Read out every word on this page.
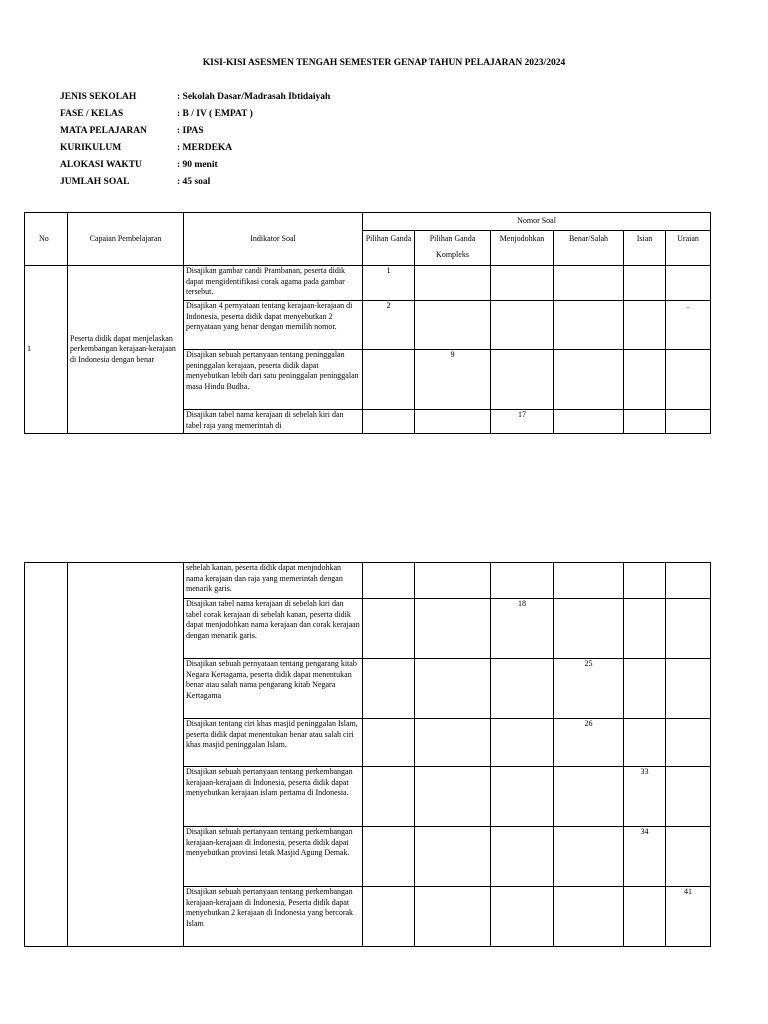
KISI-KISI ASESMEN TENGAH SEMESTER GENAP TAHUN PELAJARAN 2023/2024
JENIS SEKOLAH	: Sekolah Dasar/Madrasah Ibtidaiyah
FASE / KELAS	: B / IV ( EMPAT )
MATA PELAJARAN	: IPAS
KURIKULUM	: MERDEKA
ALOKASI WAKTU	: 90 menit
JUMLAH SOAL	: 45 soal
No	Capaian Pembelajaran	Indikator Soal	Nomor Soal					
			Pilihan Ganda	Pilihan Ganda Kompleks	Menjodohkan	Benar/Salah	Isian	Uraian
1	Peserta didik dapat menjelaskan perkembangan kerajaan-kerajaan di Indonesia dengan benar	Disajikan gambar candi Prambanan, peserta didik dapat mengidentifikasi corak agama pada gambar tersebut.	1					
		Disajikan 4 pernyataan tentang kerajaan-kerajaan di Indonesia, peserta didik dapat menyebutkan 2 pernyataan yang benar dengan memilih nomor.	2					.
		Disajikan sebuah pertanyaan tentang peninggalan peninggalan kerajaan, peserta didik dapat menyebutkan lebih dari satu peninggalan peninggalan masa Hindu Budha.		9				
		Disajikan tabel nama kerajaan di sebelah kiri dan tabel raja yang memerintah di			17			
		sebelah kanan, peserta didik dapat menjodohkan nama kerajaan dan raja yang memerintah dengan menarik garis.						
		Disajikan tabel nama kerajaan di sebelah kiri dan tabel corak kerajaan di sebelah kanan, peserta didik dapat menjodohkan nama kerajaan dan corak kerajaan dengan menarik garis.			18			
		Disajikan sebuah pernyataan tentang pengarang kitab Negara Kertagama, peserta didik dapat menentukan benar atau salah nama pengarang kitab Negara Kertagama				25		
		Disajikan tentang ciri khas masjid peninggalan Islam, peserta didik dapat menentukan benar atau salah ciri khas masjid peninggalan Islam.				26		
		Disajikan sebuah pertanyaan tentang perkembangan kerajaan-kerajaan di Indonesia, peserta didik dapat menyebutkan kerajaan islam pertama di Indonesia.					33	
		Disajikan sebuah pertanyaan tentang perkembangan kerajaan-kerajaan di Indonesia, peserta didik dapat menyebutkan provinsi letak Masjid Agung Demak.					34	
		Disajikan sebuah pertanyaan tentang perkembangan kerajaan-kerajaan di Indonesia, Peserta didik dapat menyebutkan 2 kerajaan di Indonesia yang bercorak Islam						41
